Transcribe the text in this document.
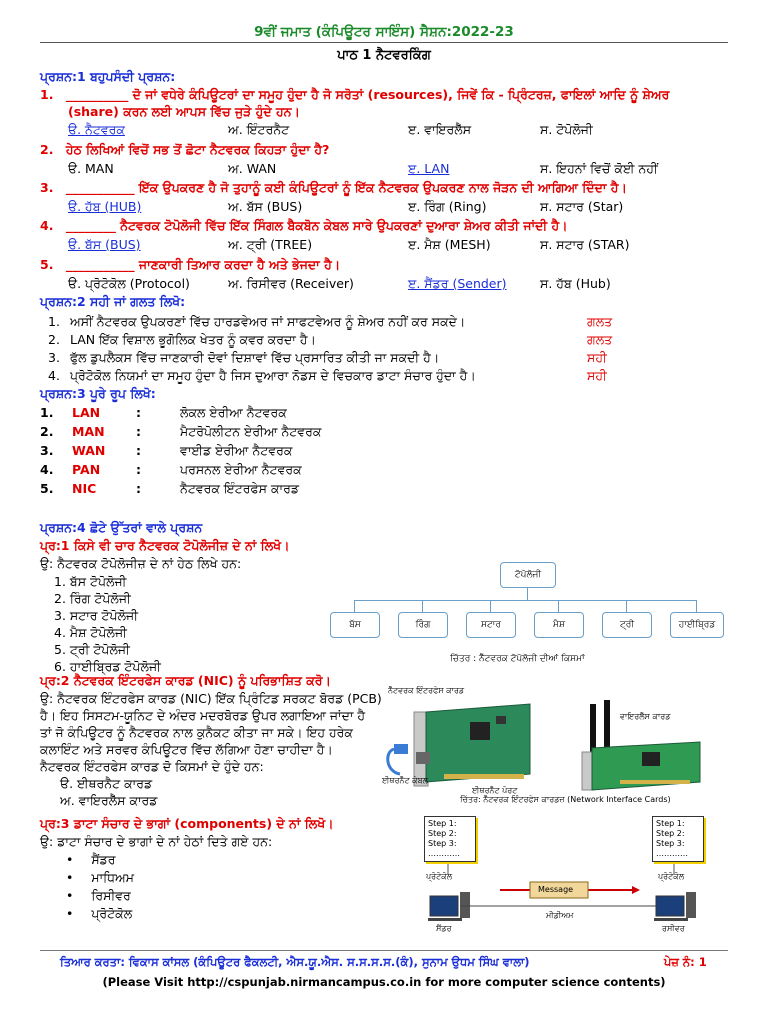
9ਵੀਂ ਜਮਾਤ (ਕੰਪਿਊਟਰ ਸਾਇੰਸ) ਸੈਸ਼ਨ:2022-23
ਪਾਠ 1 ਨੈਟਵਰਕਿੰਗ
ਪ੍ਰਸ਼ਨ:1 ਬਹੁਪਸੰਦੀ ਪ੍ਰਸ਼ਨ:
1. __________ ਦੋ ਜਾਂ ਵਧੇਰੇ ਕੰਪਿਊਟਰਾਂ ਦਾ ਸਮੂਹ ਹੁੰਦਾ ਹੈ ਜੋ ਸਰੋਤਾਂ (resources), ਜਿਵੇਂ ਕਿ - ਪ੍ਰਿੰਟਰਜ਼, ਫਾਇਲਾਂ ਆਦਿ ਨੂੰ ਸ਼ੇਅਰ
(share) ਕਰਨ ਲਈ ਆਪਸ ਵਿੱਚ ਜੁੜੇ ਹੁੰਦੇ ਹਨ।
ੳ. ਨੈਟਵਰਕ	ਅ. ਇੰਟਰਨੈਟ	ੲ. ਵਾਇਰਲੈੱਸ	ਸ. ਟੋਪੋਲੋਜੀ
2. ਹੇਠ ਲਿਖਿਆਂ ਵਿਚੋਂ ਸਭ ਤੋਂ ਛੋਟਾ ਨੈਟਵਰਕ ਕਿਹੜਾ ਹੁੰਦਾ ਹੈ?
ੳ. MAN	ਅ. WAN	ੲ. LAN	ਸ. ਇਹਨਾਂ ਵਿਚੋਂ ਕੋਈ ਨਹੀਂ
3. ___________ ਇੱਕ ਉਪਕਰਣ ਹੈ ਜੋ ਤੁਹਾਨੂੰ ਕਈ ਕੰਪਿਊਟਰਾਂ ਨੂੰ ਇੱਕ ਨੈਟਵਰਕ ਉਪਕਰਣ ਨਾਲ ਜੋੜਨ ਦੀ ਆਗਿਆ ਦਿੰਦਾ ਹੈ।
ੳ. ਹੱਬ (HUB)	ਅ. ਬੱਸ (BUS)	ੲ. ਰਿੰਗ (Ring)	ਸ. ਸਟਾਰ (Star)
4. ________ ਨੈਟਵਰਕ ਟੋਪੋਲੋਜੀ ਵਿੱਚ ਇੱਕ ਸਿੰਗਲ ਬੈਕਬੋਨ ਕੇਬਲ ਸਾਰੇ ਉਪਕਰਣਾਂ ਦੁਆਰਾ ਸ਼ੇਅਰ ਕੀਤੀ ਜਾਂਦੀ ਹੈ।
ੳ. ਬੱਸ (BUS)	ਅ. ਟ੍ਰੀ (TREE)	ੲ. ਮੈਸ਼ (MESH)	ਸ. ਸਟਾਰ (STAR)
5. ___________ ਜਾਣਕਾਰੀ ਤਿਆਰ ਕਰਦਾ ਹੈ ਅਤੇ ਭੇਜਦਾ ਹੈ।
ੳ. ਪ੍ਰੋਟੋਕੋਲ (Protocol)	ਅ. ਰਿਸੀਵਰ (Receiver)	ੲ. ਸੈਂਡਰ (Sender)	ਸ. ਹੱਬ (Hub)
ਪ੍ਰਸ਼ਨ:2 ਸਹੀ ਜਾਂ ਗਲਤ ਲਿਖੋ:
1. ਅਸੀਂ ਨੈਟਵਰਕ ਉਪਕਰਣਾਂ ਵਿੱਚ ਹਾਰਡਵੇਅਰ ਜਾਂ ਸਾਫਟਵੇਅਰ ਨੂੰ ਸ਼ੇਅਰ ਨਹੀਂ ਕਰ ਸਕਦੇ।	ਗਲਤ
2. LAN ਇੱਕ ਵਿਸ਼ਾਲ ਭੂਗੋਲਿਕ ਖੇਤਰ ਨੂੰ ਕਵਰ ਕਰਦਾ ਹੈ।	ਗਲਤ
3. ਫੁੱਲ ਡੁਪਲੈਕਸ ਵਿੱਚ ਜਾਣਕਾਰੀ ਦੋਵਾਂ ਦਿਸ਼ਾਵਾਂ ਵਿੱਚ ਪ੍ਰਸਾਰਿਤ ਕੀਤੀ ਜਾ ਸਕਦੀ ਹੈ।	ਸਹੀ
4. ਪ੍ਰੋਟੋਕੋਲ ਨਿਯਮਾਂ ਦਾ ਸਮੂਹ ਹੁੰਦਾ ਹੈ ਜਿਸ ਦੁਆਰਾ ਨੋਡਸ ਦੇ ਵਿਚਕਾਰ ਡਾਟਾ ਸੰਚਾਰ ਹੁੰਦਾ ਹੈ।	ਸਹੀ
ਪ੍ਰਸ਼ਨ:3 ਪੂਰੇ ਰੂਪ ਲਿਖੋ:
1. LAN	:	ਲੋਕਲ ਏਰੀਆ ਨੈਟਵਰਕ
2. MAN	:	ਮੈਟਰੋਪੋਲੀਟਨ ਏਰੀਆ ਨੈਟਵਰਕ
3. WAN :	ਵਾਈਡ ਏਰੀਆ ਨੈਟਵਰਕ
4. PAN	:	ਪਰਸਨਲ ਏਰੀਆ ਨੈਟਵਰਕ
5. NIC	:	ਨੈਟਵਰਕ ਇੰਟਰਫੇਸ ਕਾਰਡ
ਪ੍ਰਸ਼ਨ:4 ਛੋਟੇ ਉੱਤਰਾਂ ਵਾਲੇ ਪ੍ਰਸ਼ਨ
ਪ੍ਰ:1 ਕਿਸੇ ਵੀ ਚਾਰ ਨੈਟਵਰਕ ਟੋਪੋਲੋਜੀਜ਼ ਦੇ ਨਾਂ ਲਿਖੋ।
ਉ: ਨੈਟਵਰਕ ਟੋਪੋਲੋਜੀਜ਼ ਦੇ ਨਾਂ ਹੇਠ ਲਿਖੇ ਹਨ:
1. ਬੱਸ ਟੋਪੋਲੋਜੀ
2. ਰਿੰਗ ਟੋਪੋਲੋਜੀ
3. ਸਟਾਰ ਟੋਪੋਲੋਜੀ
4. ਮੈਸ਼ ਟੋਪੋਲੋਜੀ
5. ਟ੍ਰੀ ਟੋਪੋਲੋਜੀ
6. ਹਾਈਬ੍ਰਿਡ ਟੋਪੋਲੋਜੀ
ਟੋਪੋਲੋਜੀ
ਬੱਸ	ਰਿੰਗ	ਸਟਾਰ	ਮੈਸ਼	ਟ੍ਰੀ	ਹਾਈਬ੍ਰਿਡ
ਚਿੱਤਰ : ਨੈੱਟਵਰਕ ਟੋਪੋਲੋਜੀ ਦੀਆਂ ਕਿਸਮਾਂ
ਪ੍ਰ:2 ਨੈਟਵਰਕ ਇੰਟਰਫੇਸ ਕਾਰਡ (NIC) ਨੂੰ ਪਰਿਭਾਸ਼ਿਤ ਕਰੋ।
ਉ: ਨੈਟਵਰਕ ਇੰਟਰਫੇਸ ਕਾਰਡ (NIC) ਇੱਕ ਪ੍ਰਿੰਟਿਡ ਸਰਕਟ ਬੋਰਡ (PCB)
ਹੈ। ਇਹ ਸਿਸਟਮ-ਯੂਨਿਟ ਦੇ ਅੰਦਰ ਮਦਰਬੋਰਡ ਉਪਰ ਲਗਾਇਆ ਜਾਂਦਾ ਹੈ
ਤਾਂ ਜੋ ਕੰਪਿਊਟਰ ਨੂੰ ਨੈਟਵਰਕ ਨਾਲ ਕੁਨੈਕਟ ਕੀਤਾ ਜਾ ਸਕੇ। ਇਹ ਹਰੇਕ
ਕਲਾਇੰਟ ਅਤੇ ਸਰਵਰ ਕੰਪਿਊਟਰ ਵਿੱਚ ਲੱਗਿਆ ਹੋਣਾ ਚਾਹੀਦਾ ਹੈ।
ਨੈਟਵਰਕ ਇੰਟਰਫੇਸ ਕਾਰਡ ਦੋ ਕਿਸਮਾਂ ਦੇ ਹੁੰਦੇ ਹਨ:
ੳ. ਈਥਰਨੈਟ ਕਾਰਡ
ਅ. ਵਾਇਰਲੈੱਸ ਕਾਰਡ
ਨੈੱਟਵਰਕ ਇੰਟਰਫੇਸ ਕਾਰਡ
ਵਾਇਰਲੈੱਸ ਕਾਰਡ
ਈਥਰਨੈੱਟ ਕੇਬਲ
ਈਥਰਨੈੱਟ ਪੋਰਟ
ਚਿੱਤਰ: ਨੈੱਟਵਰਕ ਇੰਟਰਫੇਸ ਕਾਰਡਜ਼ (Network Interface Cards)
ਪ੍ਰ:3 ਡਾਟਾ ਸੰਚਾਰ ਦੇ ਭਾਗਾਂ (components) ਦੇ ਨਾਂ ਲਿਖੋ।
ਉ: ਡਾਟਾ ਸੰਚਾਰ ਦੇ ਭਾਗਾਂ ਦੇ ਨਾਂ ਹੇਠਾਂ ਦਿਤੇ ਗਏ ਹਨ:
• ਸੈਂਡਰ
• ਮਾਧਿਅਮ
• ਰਿਸੀਵਰ
• ਪ੍ਰੋਟੋਕੋਲ
Step 1:
Step 2:
Step 3:
…………
Step 1:
Step 2:
Step 3:
…………
ਪ੍ਰੋਟੋਕੋਲ	ਪ੍ਰੋਟੋਕੋਲ
Message
ਮੀਡੀਅਮ
ਸੈਂਡਰ	ਰਸੀਵਰ
ਤਿਆਰ ਕਰਤਾ: ਵਿਕਾਸ ਕਾਂਸਲ (ਕੰਪਿਊਟਰ ਫੈਕਲਟੀ, ਐਸ.ਯੂ.ਐਸ. ਸ.ਸ.ਸ.ਸ.(ਕੰ), ਸੁਨਾਮ ਉਧਮ ਸਿੰਘ ਵਾਲਾ)	ਪੇਜ਼ ਨੰ: 1
(Please Visit http://cspunjab.nirmancampus.co.in for more computer science contents)
